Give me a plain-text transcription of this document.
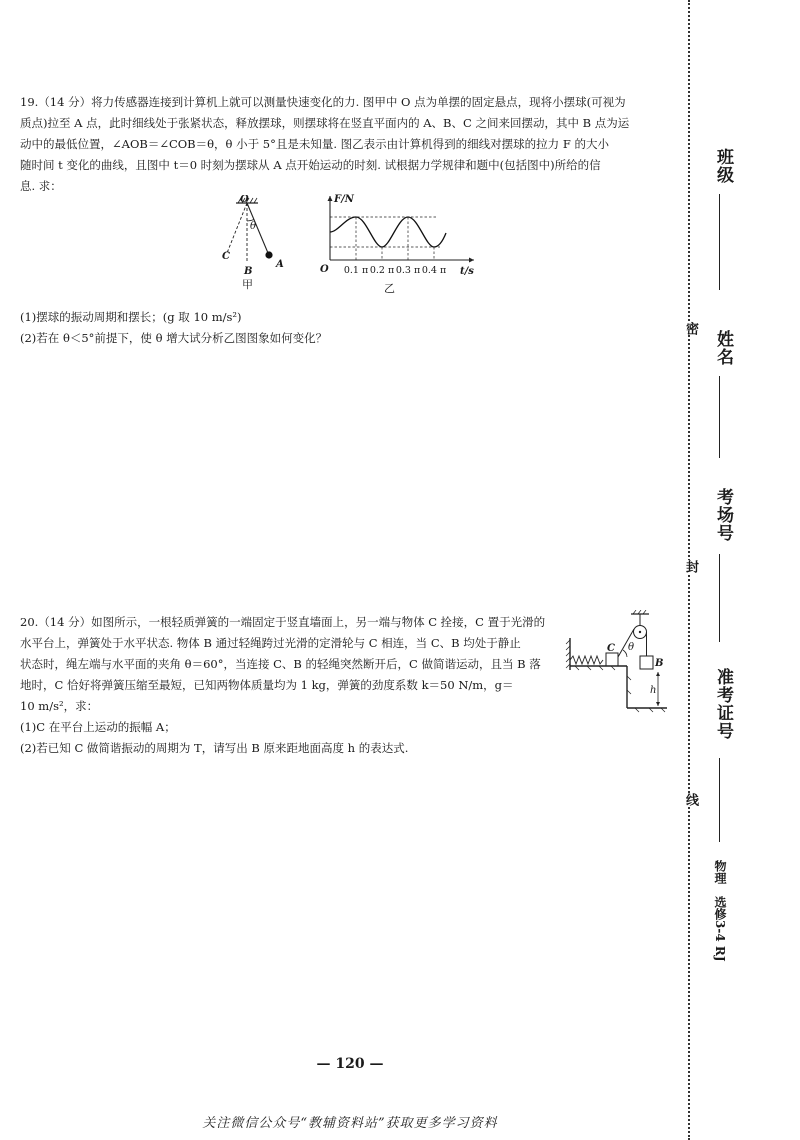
19.（14 分）将力传感器连接到计算机上就可以测量快速变化的力. 图甲中 O 点为单摆的固定悬点，现将小摆球(可视为

质点)拉至 A 点，此时细线处于张紧状态，释放摆球，则摆球将在竖直平面内的 A、B、C 之间来回摆动，其中 B 点为运

动中的最低位置，∠AOB＝∠COB＝θ，θ 小于 5°且是未知量. 图乙表示由计算机得到的细线对摆球的拉力 F 的大小

随时间 t 变化的曲线，且图中 t＝0 时刻为摆球从 A 点开始运动的时刻. 试根据力学规律和题中(包括图中)所给的信

息. 求：

(1)摆球的振动周期和摆长；(g 取 10 m/s²)

(2)若在 θ＜5°前提下，使 θ 增大试分析乙图图象如何变化？

O
θ
C
B
A
甲
F/N
t/s
O 0.1 π 0.2 π 0.3 π 0.4 π
乙

20.（14 分）如图所示，一根轻质弹簧的一端固定于竖直墙面上，另一端与物体 C 拴接，C 置于光滑的

水平台上，弹簧处于水平状态. 物体 B 通过轻绳跨过光滑的定滑轮与 C 相连，当 C、B 均处于静止

状态时，绳左端与水平面的夹角 θ＝60°，当连接 C、B 的轻绳突然断开后，C 做简谐运动，且当 B 落

地时，C 恰好将弹簧压缩至最短，已知两物体质量均为 1 kg，弹簧的劲度系数 k＝50 N/m，g＝

10 m/s²，求：

(1)C 在平台上运动的振幅 A；

(2)若已知 C 做简谐振动的周期为 T，请写出 B 原来距地面高度 h 的表达式.

C θ
B
h
— 120 —
关注微信公众号“教辅资料站”获取更多学习资料
班级
姓名
考场号
准考证号
密
封
线
物理　选修3-4 RJ
